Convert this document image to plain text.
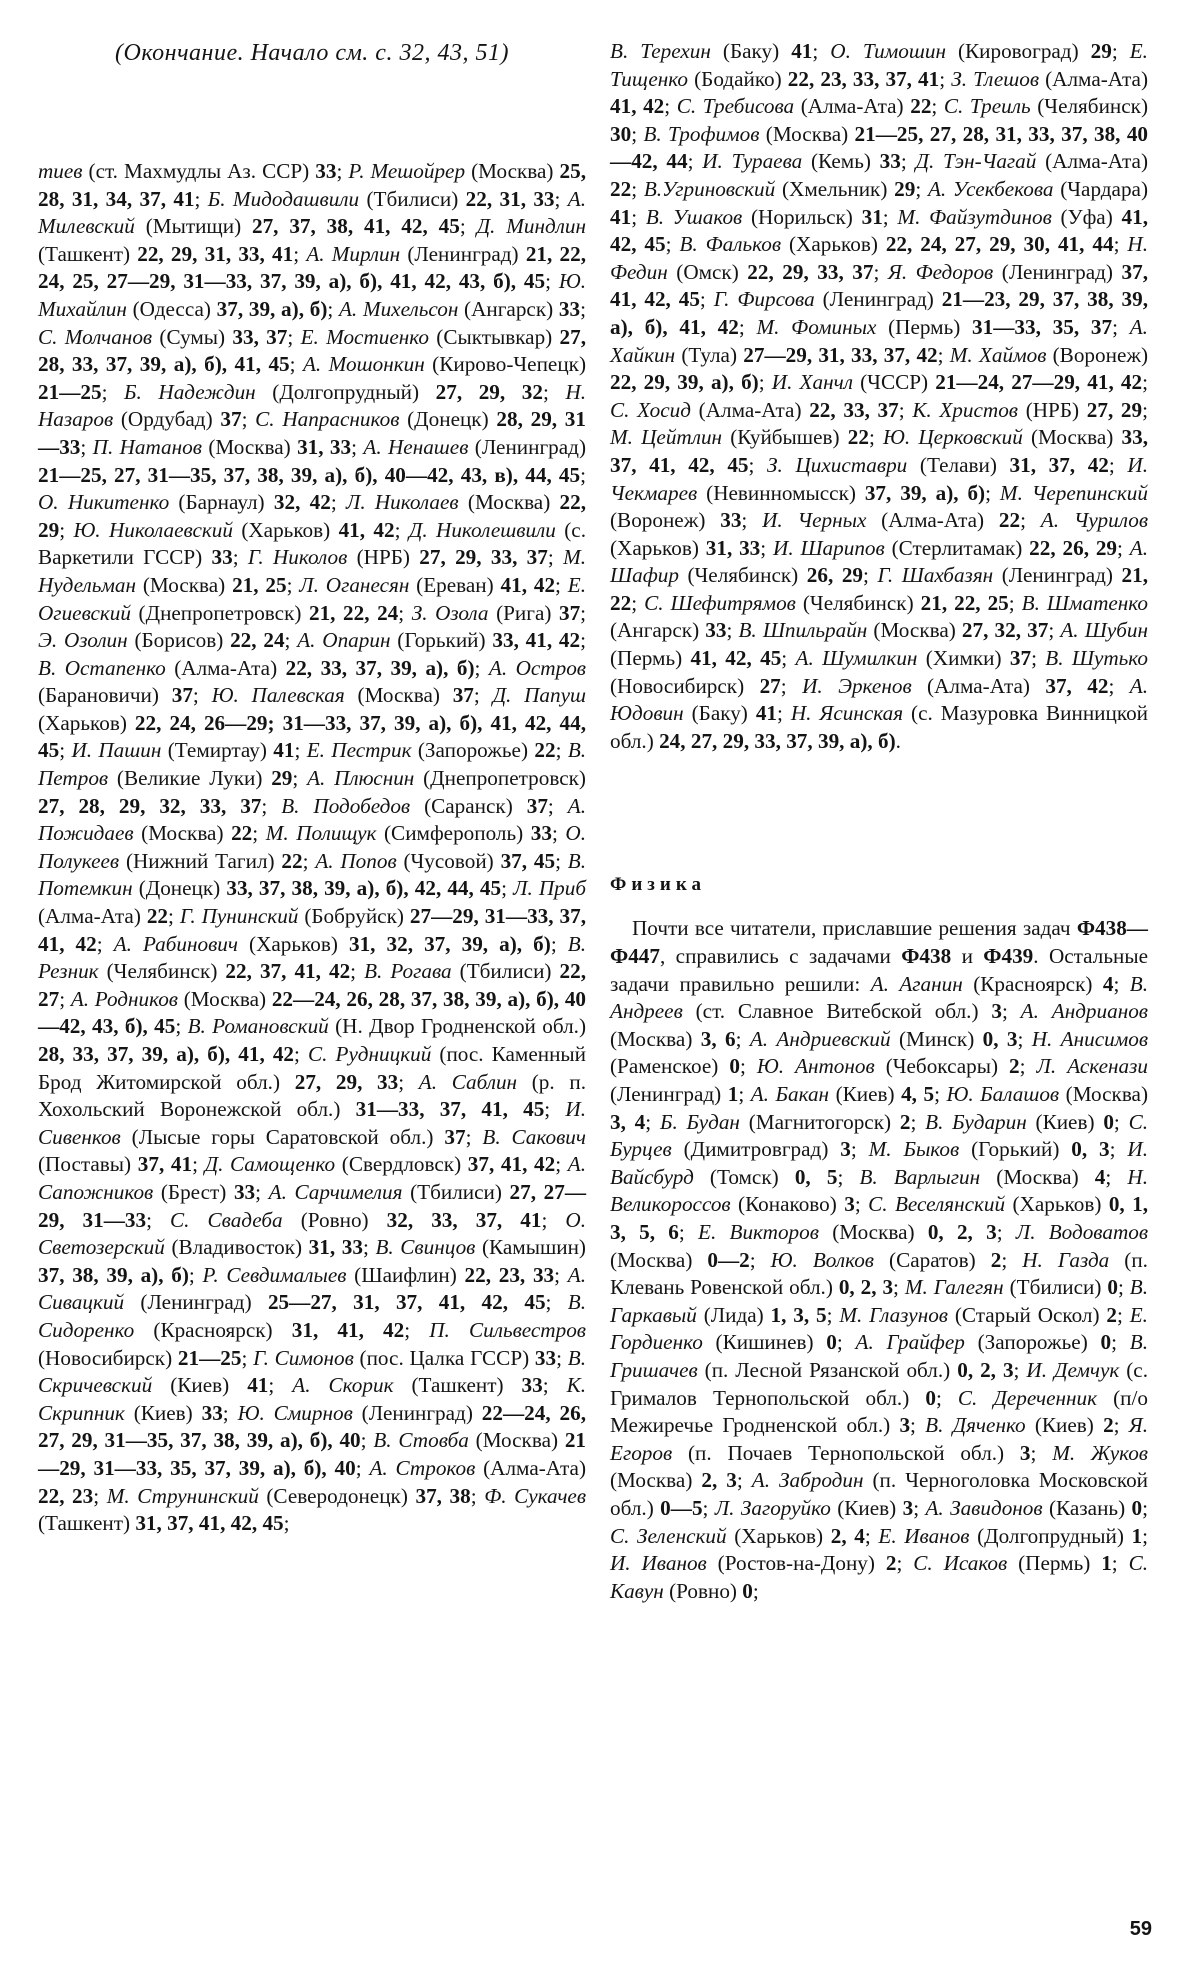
(Окончание. Начало см. с. 32, 43, 51)

тиев (ст. Махмудлы Аз. ССР) 33; Р. Мешойрер (Москва) 25, 28, 31, 34, 37, 41; Б. Мидодашвили (Тбилиси) 22, 31, 33; А. Милевский (Мытищи) 27, 37, 38, 41, 42, 45; Д. Миндлин (Ташкент) 22, 29, 31, 33, 41; А. Мирлин (Ленинград) 21, 22, 24, 25, 27—29, 31—33, 37, 39, а), б), 41, 42, 43, б), 45; Ю. Михайлин (Одесса) 37, 39, а), б); А. Михельсон (Ангарск) 33; С. Молчанов (Сумы) 33, 37; Е. Мостиенко (Сыктывкар) 27, 28, 33, 37, 39, а), б), 41, 45; А. Мошонкин (Кирово-Чепецк) 21—25; Б. Надеждин (Долгопрудный) 27, 29, 32; Н. Назаров (Ордубад) 37; С. Напрасников (Донецк) 28, 29, 31—33; П. Натанов (Москва) 31, 33; А. Ненашев (Ленинград) 21—25, 27, 31—35, 37, 38, 39, а), б), 40—42, 43, в), 44, 45; О. Никитенко (Барнаул) 32, 42; Л. Николаев (Москва) 22, 29; Ю. Николаевский (Харьков) 41, 42; Д. Николешвили (с. Варкетили ГССР) 33; Г. Николов (НРБ) 27, 29, 33, 37; М. Нудельман (Москва) 21, 25; Л. Оганесян (Ереван) 41, 42; Е. Огиевский (Днепропетровск) 21, 22, 24; З. Озола (Рига) 37; Э. Озолин (Борисов) 22, 24; А. Опарин (Горький) 33, 41, 42; В. Остапенко (Алма-Ата) 22, 33, 37, 39, а), б); А. Остров (Барановичи) 37; Ю. Палевская (Москва) 37; Д. Папуш (Харьков) 22, 24, 26—29; 31—33, 37, 39, а), б), 41, 42, 44, 45; И. Пашин (Темиртау) 41; Е. Пестрик (Запорожье) 22; В. Петров (Великие Луки) 29; А. Плюснин (Днепропетровск) 27, 28, 29, 32, 33, 37; В. Подобедов (Саранск) 37; А. Пожидаев (Москва) 22; М. Полищук (Симферополь) 33; О. Полукеев (Нижний Тагил) 22; А. Попов (Чусовой) 37, 45; В. Потемкин (Донецк) 33, 37, 38, 39, а), б), 42, 44, 45; Л. Приб (Алма-Ата) 22; Г. Пунинский (Бобруйск) 27—29, 31—33, 37, 41, 42; А. Рабинович (Харьков) 31, 32, 37, 39, а), б); В. Резник (Челябинск) 22, 37, 41, 42; В. Рогава (Тбилиси) 22, 27; А. Родников (Москва) 22—24, 26, 28, 37, 38, 39, а), б), 40—42, 43, б), 45; В. Романовский (Н. Двор Гродненской обл.) 28, 33, 37, 39, а), б), 41, 42; С. Рудницкий (пос. Каменный Брод Житомирской обл.) 27, 29, 33; А. Саблин (р. п. Хохольский Воронежской обл.) 31—33, 37, 41, 45; И. Сивенков (Лысые горы Саратовской обл.) 37; В. Сакович (Поставы) 37, 41; Д. Самощенко (Свердловск) 37, 41, 42; А. Сапожников (Брест) 33; А. Сарчимелия (Тбилиси) 27, 27—29, 31—33; С. Свадеба (Ровно) 32, 33, 37, 41; О. Светозерский (Владивосток) 31, 33; В. Свинцов (Камышин) 37, 38, 39, а), б); Р. Севдималыев (Шаифлин) 22, 23, 33; А. Сивацкий (Ленинград) 25—27, 31, 37, 41, 42, 45; В. Сидоренко (Красноярск) 31, 41, 42; П. Сильвестров (Новосибирск) 21—25; Г. Симонов (пос. Цалка ГССР) 33; В. Скричевский (Киев) 41; А. Скорик (Ташкент) 33; К. Скрипник (Киев) 33; Ю. Смирнов (Ленинград) 22—24, 26, 27, 29, 31—35, 37, 38, 39, а), б), 40; В. Стовба (Москва) 21—29, 31—33, 35, 37, 39, а), б), 40; А. Строков (Алма-Ата) 22, 23; М. Струнинский (Северодонецк) 37, 38; Ф. Сукачев (Ташкент) 31, 37, 41, 42, 45;

В. Терехин (Баку) 41; О. Тимошин (Кировоград) 29; Е. Тищенко (Бодайко) 22, 23, 33, 37, 41; З. Тлешов (Алма-Ата) 41, 42; С. Требисова (Алма-Ата) 22; С. Треиль (Челябинск) 30; В. Трофимов (Москва) 21—25, 27, 28, 31, 33, 37, 38, 40—42, 44; И. Тураева (Кемь) 33; Д. Тэн-Чагай (Алма-Ата) 22; В.Угриновский (Хмельник) 29; А. Усекбекова (Чардара) 41; В. Ушаков (Норильск) 31; М. Файзутдинов (Уфа) 41, 42, 45; В. Фальков (Харьков) 22, 24, 27, 29, 30, 41, 44; Н. Федин (Омск) 22, 29, 33, 37; Я. Федоров (Ленинград) 37, 41, 42, 45; Г. Фирсова (Ленинград) 21—23, 29, 37, 38, 39, а), б), 41, 42; М. Фоминых (Пермь) 31—33, 35, 37; А. Хайкин (Тула) 27—29, 31, 33, 37, 42; М. Хаймов (Воронеж) 22, 29, 39, а), б); И. Ханчл (ЧССР) 21—24, 27—29, 41, 42; С. Хосид (Алма-Ата) 22, 33, 37; К. Христов (НРБ) 27, 29; М. Цейтлин (Куйбышев) 22; Ю. Церковский (Москва) 33, 37, 41, 42, 45; З. Цихиставри (Телави) 31, 37, 42; И. Чекмарев (Невинномысск) 37, 39, а), б); М. Черепинский (Воронеж) 33; И. Черных (Алма-Ата) 22; А. Чурилов (Харьков) 31, 33; И. Шарипов (Стерлитамак) 22, 26, 29; А. Шафир (Челябинск) 26, 29; Г. Шахбазян (Ленинград) 21, 22; С. Шефитрямов (Челябинск) 21, 22, 25; В. Шматенко (Ангарск) 33; В. Шпильрайн (Москва) 27, 32, 37; А. Шубин (Пермь) 41, 42, 45; А. Шумилкин (Химки) 37; В. Шутько (Новосибирск) 27; И. Эркенов (Алма-Ата) 37, 42; А. Юдовин (Баку) 41; Н. Ясинская (с. Мазуровка Винницкой обл.) 24, 27, 29, 33, 37, 39, а), б).

Физика

Почти все читатели, приславшие решения задач Ф438—Ф447, справились с задачами Ф438 и Ф439. Остальные задачи правильно решили: А. Аганин (Красноярск) 4; В. Андреев (ст. Славное Витебской обл.) 3; А. Андрианов (Москва) 3, 6; А. Андриевский (Минск) 0, 3; Н. Анисимов (Раменское) 0; Ю. Антонов (Чебоксары) 2; Л. Аскенази (Ленинград) 1; А. Бакан (Киев) 4, 5; Ю. Балашов (Москва) 3, 4; Б. Будан (Магнитогорск) 2; В. Бударин (Киев) 0; С. Бурцев (Димитровград) 3; М. Быков (Горький) 0, 3; И. Вайсбурд (Томск) 0, 5; В. Варлыгин (Москва) 4; Н. Великороссов (Конаково) 3; С. Веселянский (Харьков) 0, 1, 3, 5, 6; Е. Викторов (Москва) 0, 2, 3; Л. Водоватов (Москва) 0—2; Ю. Волков (Саратов) 2; Н. Газда (п. Клевань Ровенской обл.) 0, 2, 3; М. Галегян (Тбилиси) 0; В. Гаркавый (Лида) 1, 3, 5; М. Глазунов (Старый Оскол) 2; Е. Гордиенко (Кишинев) 0; А. Грайфер (Запорожье) 0; В. Гришачев (п. Лесной Рязанской обл.) 0, 2, 3; И. Демчук (с. Грималов Тернопольской обл.) 0; С. Дереченник (п/о Межиречье Гродненской обл.) 3; В. Дяченко (Киев) 2; Я. Егоров (п. Почаев Тернопольской обл.) 3; М. Жуков (Москва) 2, 3; А. Забродин (п. Черноголовка Московской обл.) 0—5; Л. Загоруйко (Киев) 3; А. Завидонов (Казань) 0; С. Зеленский (Харьков) 2, 4; Е. Иванов (Долгопрудный) 1; И. Иванов (Ростов-на-Дону) 2; С. Исаков (Пермь) 1; С. Кавун (Ровно) 0;

59
